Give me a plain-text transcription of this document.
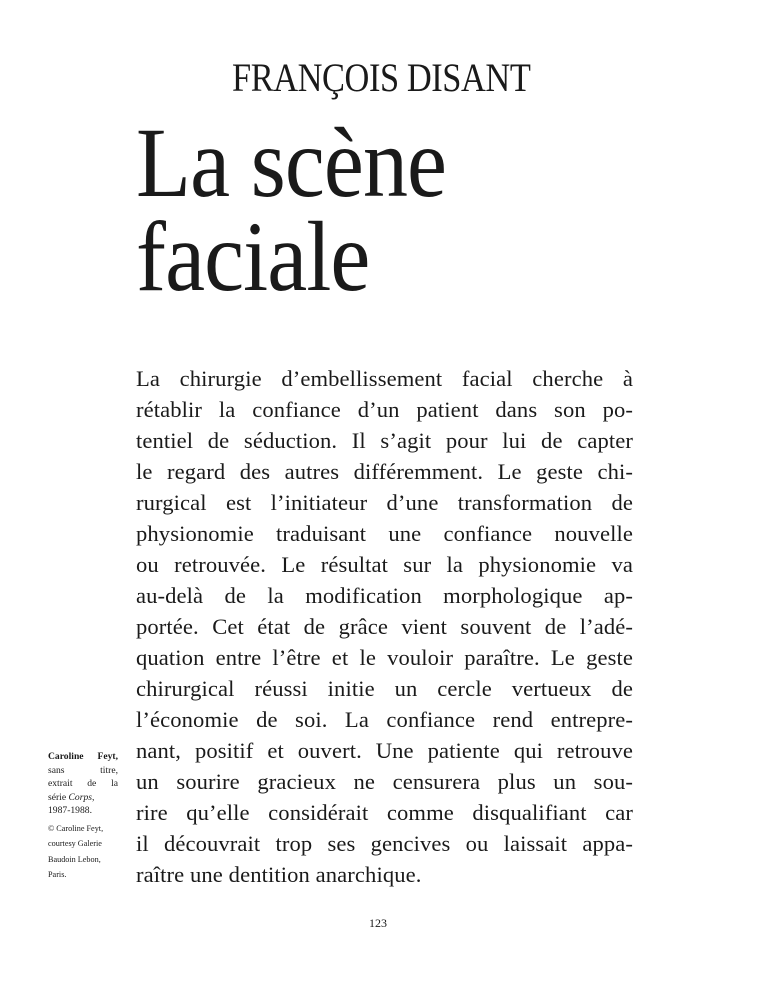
FRANÇOIS DISANT
La scène
faciale
La chirurgie d’embellissement facial cherche à
rétablir la confiance d’un patient dans son po-
tentiel de séduction. Il s’agit pour lui de capter
le regard des autres différemment. Le geste chi-
rurgical est l’initiateur d’une transformation de
physionomie traduisant une confiance nouvelle
ou retrouvée. Le résultat sur la physionomie va
au-delà de la modification morphologique ap-
portée. Cet état de grâce vient souvent de l’adé-
quation entre l’être et le vouloir paraître. Le geste
chirurgical réussi initie un cercle vertueux de
l’économie de soi. La confiance rend entrepre-
nant, positif et ouvert. Une patiente qui retrouve
un sourire gracieux ne censurera plus un sou-
rire qu’elle considérait comme disqualifiant car
il découvrait trop ses gencives ou laissait appa-
raître une dentition anarchique.
Caroline Feyt,
sans titre,
extrait de la
série Corps,
1987-1988.
© Caroline Feyt,
courtesy Galerie
Baudoin Lebon,
Paris.
123
